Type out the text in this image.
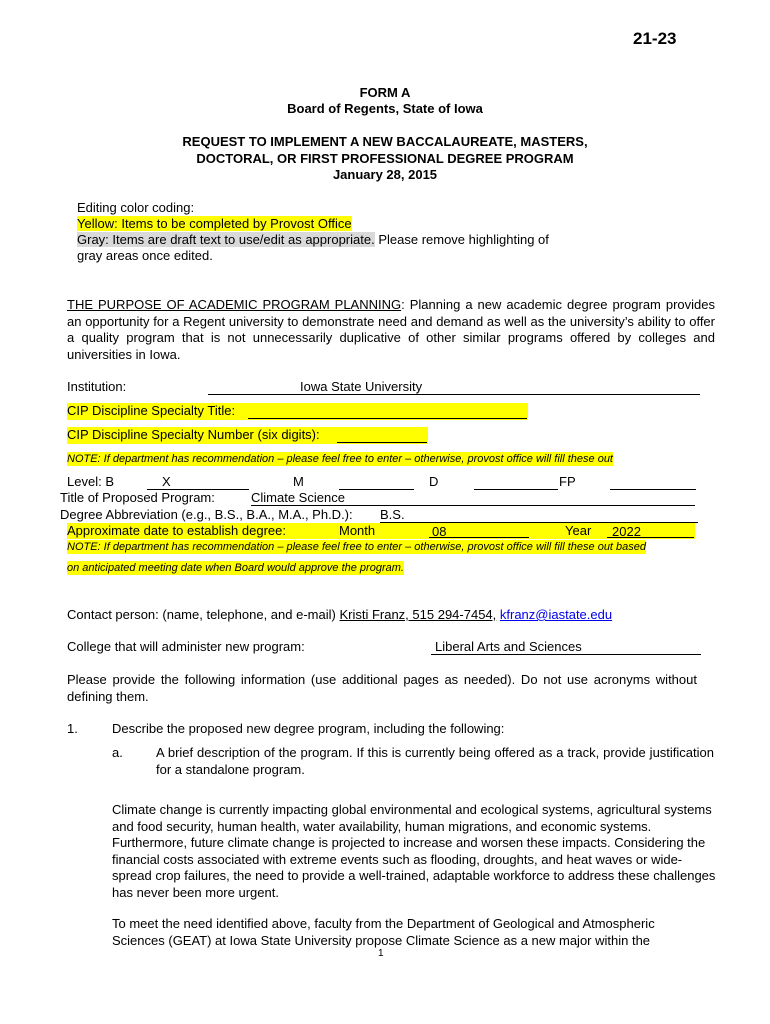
21-23
FORM A
Board of Regents, State of Iowa
REQUEST TO IMPLEMENT A NEW BACCALAUREATE, MASTERS,
DOCTORAL, OR FIRST PROFESSIONAL DEGREE PROGRAM
January 28, 2015
Editing color coding:
Yellow: Items to be completed by Provost Office
Gray: Items are draft text to use/edit as appropriate. Please remove highlighting of
gray areas once edited.
THE PURPOSE OF ACADEMIC PROGRAM PLANNING: Planning a new academic degree program provides an opportunity for a Regent university to demonstrate need and demand as well as the university’s ability to offer a quality program that is not unnecessarily duplicative of other similar programs offered by colleges and universities in Iowa.
Institution:	Iowa State University
CIP Discipline Specialty Title:
CIP Discipline Specialty Number (six digits):
NOTE: If department has recommendation – please feel free to enter – otherwise, provost office will fill these out
Level: B	X	M	D	FP
Title of Proposed Program:	Climate Science
Degree Abbreviation (e.g., B.S., B.A., M.A., Ph.D.): B.S.
Approximate date to establish degree:	Month	08	Year	2022
NOTE: If department has recommendation – please feel free to enter – otherwise, provost office will fill these out based
on anticipated meeting date when Board would approve the program.
Contact person: (name, telephone, and e-mail) Kristi Franz, 515 294-7454, kfranz@iastate.edu
College that will administer new program:	Liberal Arts and Sciences
Please provide the following information (use additional pages as needed). Do not use acronyms without defining them.
1.	Describe the proposed new degree program, including the following:
a.	A brief description of the program. If this is currently being offered as a track, provide justification for a standalone program.
Climate change is currently impacting global environmental and ecological systems, agricultural systems and food security, human health, water availability, human migrations, and economic systems. Furthermore, future climate change is projected to increase and worsen these impacts. Considering the financial costs associated with extreme events such as flooding, droughts, and heat waves or wide-spread crop failures, the need to provide a well-trained, adaptable workforce to address these challenges has never been more urgent.
To meet the need identified above, faculty from the Department of Geological and Atmospheric Sciences (GEAT) at Iowa State University propose Climate Science as a new major within the
1
